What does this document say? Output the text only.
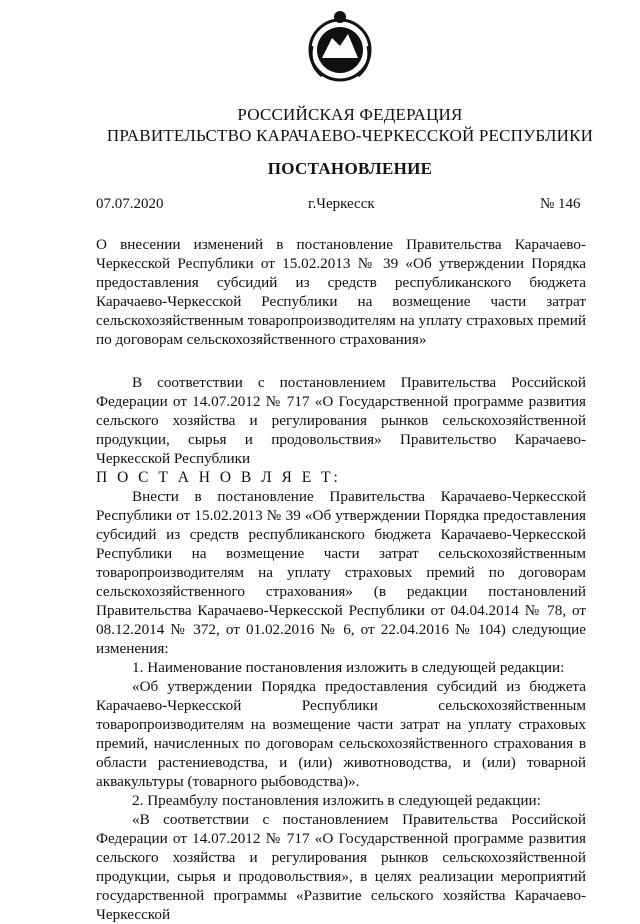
РОССИЙСКАЯ ФЕДЕРАЦИЯ
ПРАВИТЕЛЬСТВО КАРАЧАЕВО-ЧЕРКЕССКОЙ РЕСПУБЛИКИ
ПОСТАНОВЛЕНИЕ
07.07.2020	г.Черкесск	№ 146

О внесении изменений в постановление Правительства Карачаево-Черкесской Республики от 15.02.2013 № 39 «Об утверждении Порядка предоставления субсидий из средств республиканского бюджета Карачаево-Черкесской Республики на возмещение части затрат сельскохозяйственным товаропроизводителям на уплату страховых премий по договорам сельскохозяйственного страхования»

В соответствии с постановлением Правительства Российской Федерации от 14.07.2012 № 717 «О Государственной программе развития сельского хозяйства и регулирования рынков сельскохозяйственной продукции, сырья и продовольствия» Правительство Карачаево-Черкесской Республики

П О С Т А Н О В Л Я Е Т:

Внести в постановление Правительства Карачаево-Черкесской Республики от 15.02.2013 № 39 «Об утверждении Порядка предоставления субсидий из средств республиканского бюджета Карачаево-Черкесской Республики на возмещение части затрат сельскохозяйственным товаропроизводителям на уплату страховых премий по договорам сельскохозяйственного страхования» (в редакции постановлений Правительства Карачаево-Черкесской Республики от 04.04.2014 № 78, от 08.12.2014 № 372, от 01.02.2016 № 6, от 22.04.2016 № 104) следующие изменения:

1. Наименование постановления изложить в следующей редакции:

«Об утверждении Порядка предоставления субсидий из бюджета Карачаево-Черкесской Республики сельскохозяйственным товаропроизводителям на возмещение части затрат на уплату страховых премий, начисленных по договорам сельскохозяйственного страхования в области растениеводства, и (или) животноводства, и (или) товарной аквакультуры (товарного рыбоводства)».

2. Преамбулу постановления изложить в следующей редакции:

«В соответствии с постановлением Правительства Российской Федерации от 14.07.2012 № 717 «О Государственной программе развития сельского хозяйства и регулирования рынков сельскохозяйственной продукции, сырья и продовольствия», в целях реализации мероприятий государственной программы «Развитие сельского хозяйства Карачаево-Черкесской
